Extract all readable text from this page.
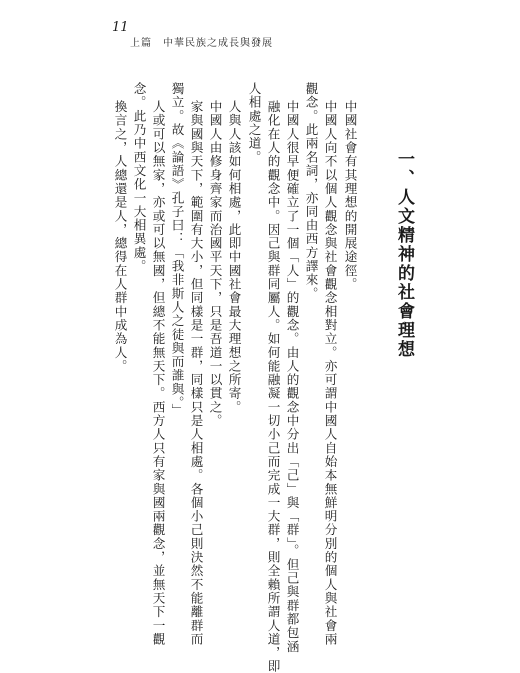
11
上篇　中華民族之成長與發展
一、人文精神的社會理想
中國社會有其理想的開展途徑。
中國人向不以個人觀念與社會觀念相對立。亦可謂中國人自始本無鮮明分別的個人與社會兩
觀念。此兩名詞，亦同由西方譯來。
中國人很早便確立了一個「人」的觀念。由人的觀念中分出「己」與「群」。但己與群都包涵
融化在人的觀念中。因己與群同屬人。如何能融凝一切小己而完成一大群，則全賴所謂人道，即
人相處之道。
人與人該如何相處，此即中國社會最大理想之所寄。
中國人由修身齊家而治國平天下，只是吾道一以貫之。
家與國與天下，範圍有大小，但同樣是一群，同樣只是人相處。各個小己則決然不能離群而
獨立。故《論語》孔子曰：「我非斯人之徒與而誰與。」
人或可以無家，亦或可以無國，但總不能無天下。西方人只有家與國兩觀念，並無天下一觀
念。此乃中西文化一大相異處。
換言之，人總還是人，總得在人群中成為人。
